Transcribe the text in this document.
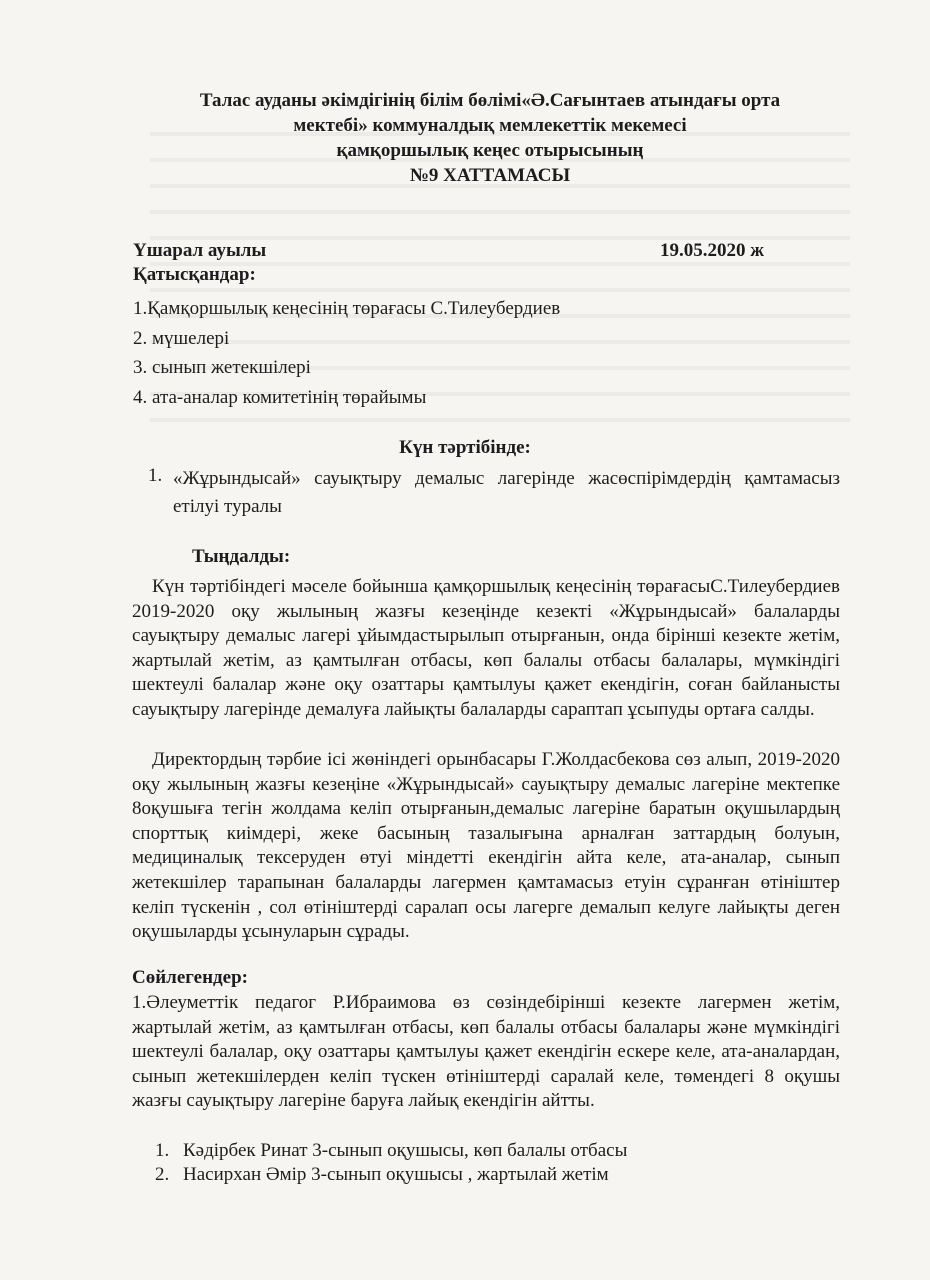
Талас ауданы әкімдігінің білім бөлімі«Ә.Сағынтаев атындағы орта
мектебі» коммуналдық мемлекеттік мекемесі
қамқоршылық кеңес отырысының
№9 ХАТТАМАСЫ
Үшарал ауылы	19.05.2020 ж
Қатысқандар:
1.Қамқоршылық кеңесінің төрағасы С.Тилеубердиев
2. мүшелері
3. сынып жетекшілері
4. ата-аналар комитетінің төрайымы
Күн тәртібінде:
1. «Жұрындысай» сауықтыру демалыс лагерінде жасөспірімдердің қамтамасыз етілуі туралы
Тыңдалды:
Күн тәртібіндегі мәселе бойынша қамқоршылық кеңесінің төрағасыС.Тилеубердиев 2019-2020 оқу жылының жазғы кезеңінде кезекті «Жұрындысай» балаларды сауықтыру демалыс лагері ұйымдастырылып отырғанын, онда бірінші кезекте жетім, жартылай жетім, аз қамтылған отбасы, көп балалы отбасы балалары, мүмкіндігі шектеулі балалар және оқу озаттары қамтылуы қажет екендігін, соған байланысты сауықтыру лагерінде демалуға лайықты балаларды сараптап ұсыпуды ортаға салды.
Директордың тәрбие ісі жөніндегі орынбасары Г.Жолдасбекова сөз алып, 2019-2020 оқу жылының жазғы кезеңіне «Жұрындысай» сауықтыру демалыс лагеріне мектепке 8оқушыға тегін жолдама келіп отырғанын,демалыс лагеріне баратын оқушылардың спорттық киімдері, жеке басының тазалығына арналған заттардың болуын, медициналық тексеруден өтуі міндетті екендігін айта келе, ата-аналар, сынып жетекшілер тарапынан балаларды лагермен қамтамасыз етуін сұранған өтініштер келіп түскенін , сол өтініштерді саралап осы лагерге демалып келуге лайықты деген оқушыларды ұсынуларын сұрады.
Сөйлегендер:
1.Әлеуметтік педагог Р.Ибраимова өз сөзіндебірінші кезекте лагермен жетім, жартылай жетім, аз қамтылған отбасы, көп балалы отбасы балалары және мүмкіндігі шектеулі балалар, оқу озаттары қамтылуы қажет екендігін ескере келе, ата-аналардан, сынып жетекшілерден келіп түскен өтініштерді саралай келе, төмендегі 8 оқушы жазғы сауықтыру лагеріне баруға лайық екендігін айтты.
1. Кәдірбек Ринат 3-сынып оқушысы, көп балалы отбасы
2. Насирхан Әмір 3-сынып оқушысы , жартылай жетім
